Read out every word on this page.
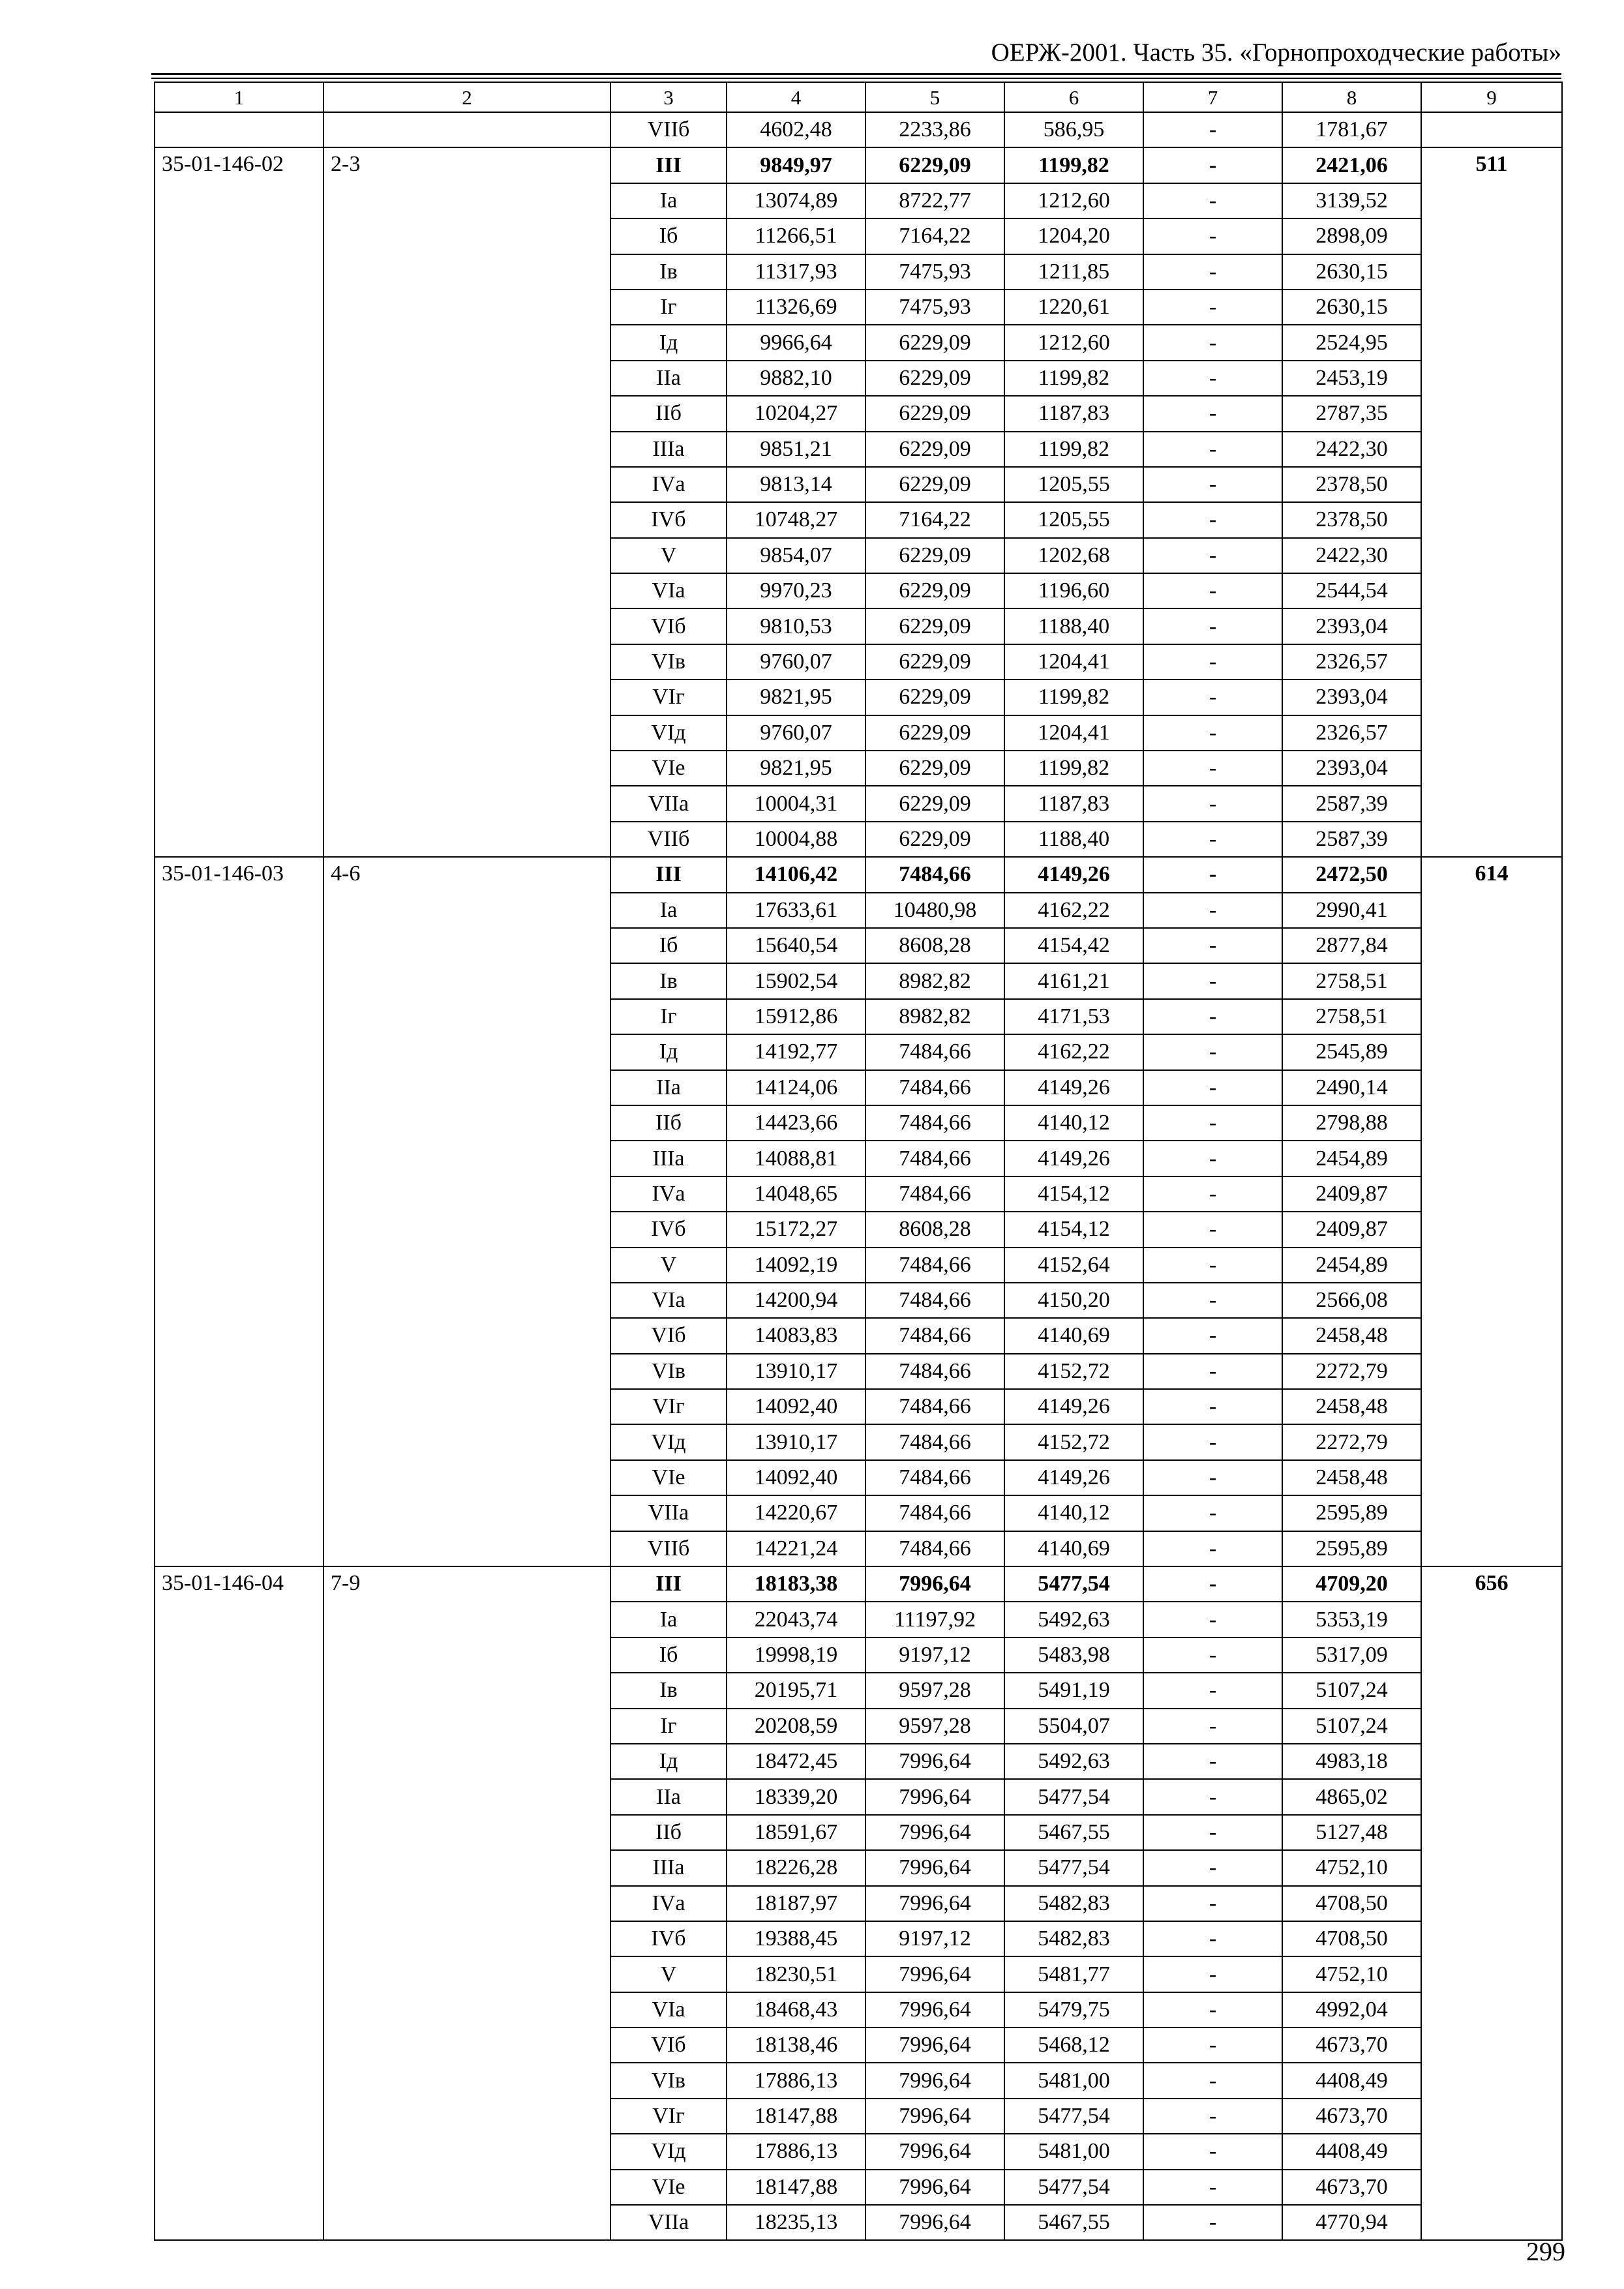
ОЕРЖ-2001. Часть 35. «Горнопроходческие работы»
1	2	3	4	5	6	7	8	9
		VIIб	4602,48	2233,86	586,95	-	1781,67	
35-01-146-02	2-3	III	9849,97	6229,09	1199,82	-	2421,06	511
		Iа	13074,89	8722,77	1212,60	-	3139,52	
		Iб	11266,51	7164,22	1204,20	-	2898,09	
		Iв	11317,93	7475,93	1211,85	-	2630,15	
		Iг	11326,69	7475,93	1220,61	-	2630,15	
		Iд	9966,64	6229,09	1212,60	-	2524,95	
		IIа	9882,10	6229,09	1199,82	-	2453,19	
		IIб	10204,27	6229,09	1187,83	-	2787,35	
		IIIа	9851,21	6229,09	1199,82	-	2422,30	
		IVа	9813,14	6229,09	1205,55	-	2378,50	
		IVб	10748,27	7164,22	1205,55	-	2378,50	
		V	9854,07	6229,09	1202,68	-	2422,30	
		VIа	9970,23	6229,09	1196,60	-	2544,54	
		VIб	9810,53	6229,09	1188,40	-	2393,04	
		VIв	9760,07	6229,09	1204,41	-	2326,57	
		VIг	9821,95	6229,09	1199,82	-	2393,04	
		VIд	9760,07	6229,09	1204,41	-	2326,57	
		VIе	9821,95	6229,09	1199,82	-	2393,04	
		VIIа	10004,31	6229,09	1187,83	-	2587,39	
		VIIб	10004,88	6229,09	1188,40	-	2587,39	
35-01-146-03	4-6	III	14106,42	7484,66	4149,26	-	2472,50	614
		Iа	17633,61	10480,98	4162,22	-	2990,41	
		Iб	15640,54	8608,28	4154,42	-	2877,84	
		Iв	15902,54	8982,82	4161,21	-	2758,51	
		Iг	15912,86	8982,82	4171,53	-	2758,51	
		Iд	14192,77	7484,66	4162,22	-	2545,89	
		IIа	14124,06	7484,66	4149,26	-	2490,14	
		IIб	14423,66	7484,66	4140,12	-	2798,88	
		IIIа	14088,81	7484,66	4149,26	-	2454,89	
		IVа	14048,65	7484,66	4154,12	-	2409,87	
		IVб	15172,27	8608,28	4154,12	-	2409,87	
		V	14092,19	7484,66	4152,64	-	2454,89	
		VIа	14200,94	7484,66	4150,20	-	2566,08	
		VIб	14083,83	7484,66	4140,69	-	2458,48	
		VIв	13910,17	7484,66	4152,72	-	2272,79	
		VIг	14092,40	7484,66	4149,26	-	2458,48	
		VIд	13910,17	7484,66	4152,72	-	2272,79	
		VIе	14092,40	7484,66	4149,26	-	2458,48	
		VIIа	14220,67	7484,66	4140,12	-	2595,89	
		VIIб	14221,24	7484,66	4140,69	-	2595,89	
35-01-146-04	7-9	III	18183,38	7996,64	5477,54	-	4709,20	656
		Iа	22043,74	11197,92	5492,63	-	5353,19	
		Iб	19998,19	9197,12	5483,98	-	5317,09	
		Iв	20195,71	9597,28	5491,19	-	5107,24	
		Iг	20208,59	9597,28	5504,07	-	5107,24	
		Iд	18472,45	7996,64	5492,63	-	4983,18	
		IIа	18339,20	7996,64	5477,54	-	4865,02	
		IIб	18591,67	7996,64	5467,55	-	5127,48	
		IIIа	18226,28	7996,64	5477,54	-	4752,10	
		IVа	18187,97	7996,64	5482,83	-	4708,50	
		IVб	19388,45	9197,12	5482,83	-	4708,50	
		V	18230,51	7996,64	5481,77	-	4752,10	
		VIа	18468,43	7996,64	5479,75	-	4992,04	
		VIб	18138,46	7996,64	5468,12	-	4673,70	
		VIв	17886,13	7996,64	5481,00	-	4408,49	
		VIг	18147,88	7996,64	5477,54	-	4673,70	
		VIд	17886,13	7996,64	5481,00	-	4408,49	
		VIе	18147,88	7996,64	5477,54	-	4673,70	
		VIIа	18235,13	7996,64	5467,55	-	4770,94	
299
